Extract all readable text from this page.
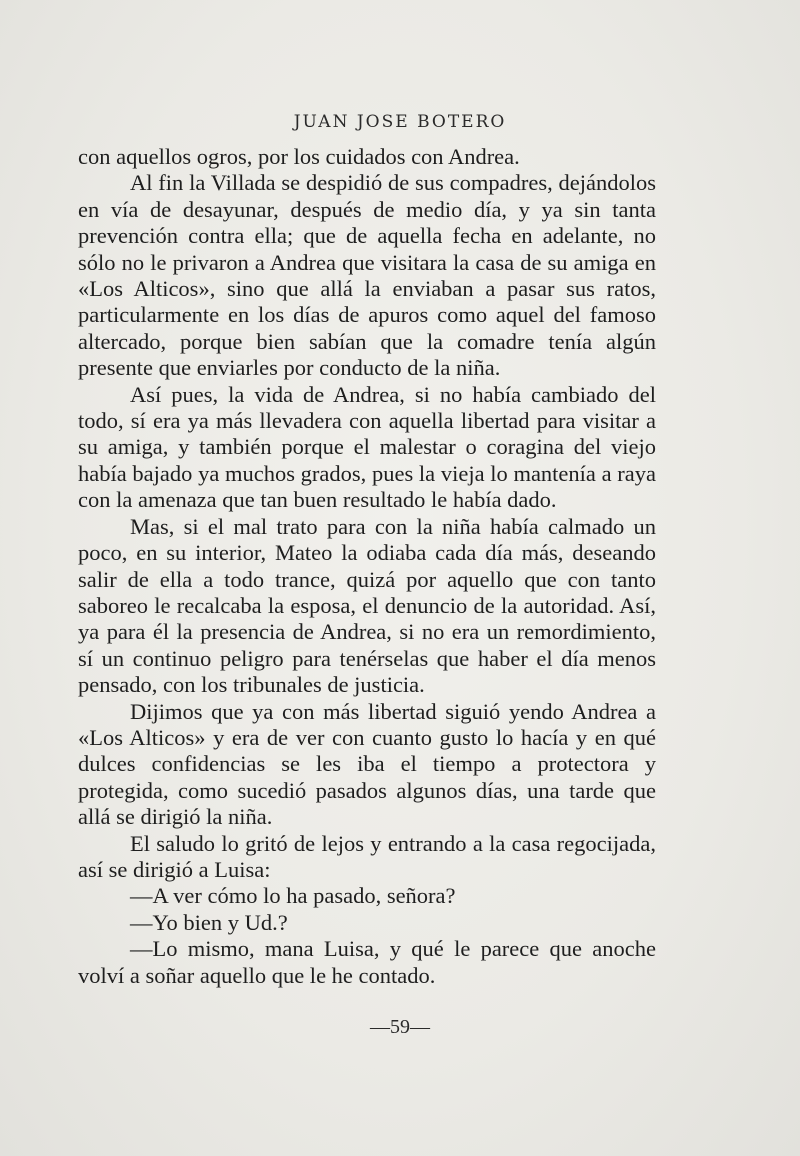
JUAN JOSE BOTERO

con aquellos ogros, por los cuidados con Andrea.

Al fin la Villada se despidió de sus compadres, dejándolos en vía de desayunar, después de medio día, y ya sin tanta prevención contra ella; que de aquella fecha en adelante, no sólo no le privaron a Andrea que visitara la casa de su amiga en «Los Alticos», sino que allá la enviaban a pasar sus ratos, particularmente en los días de apuros como aquel del famoso altercado, porque bien sabían que la comadre tenía algún presente que enviarles por conducto de la niña.

Así pues, la vida de Andrea, si no había cambiado del todo, sí era ya más llevadera con aquella libertad para visitar a su amiga, y también porque el malestar o coragina del viejo había bajado ya muchos grados, pues la vieja lo mantenía a raya con la amenaza que tan buen resultado le había dado.

Mas, si el mal trato para con la niña había calmado un poco, en su interior, Mateo la odiaba cada día más, deseando salir de ella a todo trance, quizá por aquello que con tanto saboreo le recalcaba la esposa, el denuncio de la autoridad. Así, ya para él la presencia de Andrea, si no era un remordimiento, sí un continuo peligro para tenérselas que haber el día menos pensado, con los tribunales de justicia.

Dijimos que ya con más libertad siguió yendo Andrea a «Los Alticos» y era de ver con cuanto gusto lo hacía y en qué dulces confidencias se les iba el tiempo a protectora y protegida, como sucedió pasados algunos días, una tarde que allá se dirigió la niña.

El saludo lo gritó de lejos y entrando a la casa regocijada, así se dirigió a Luisa:

—A ver cómo lo ha pasado, señora?

—Yo bien y Ud.?

—Lo mismo, mana Luisa, y qué le parece que anoche volví a soñar aquello que le he contado.

—59—
